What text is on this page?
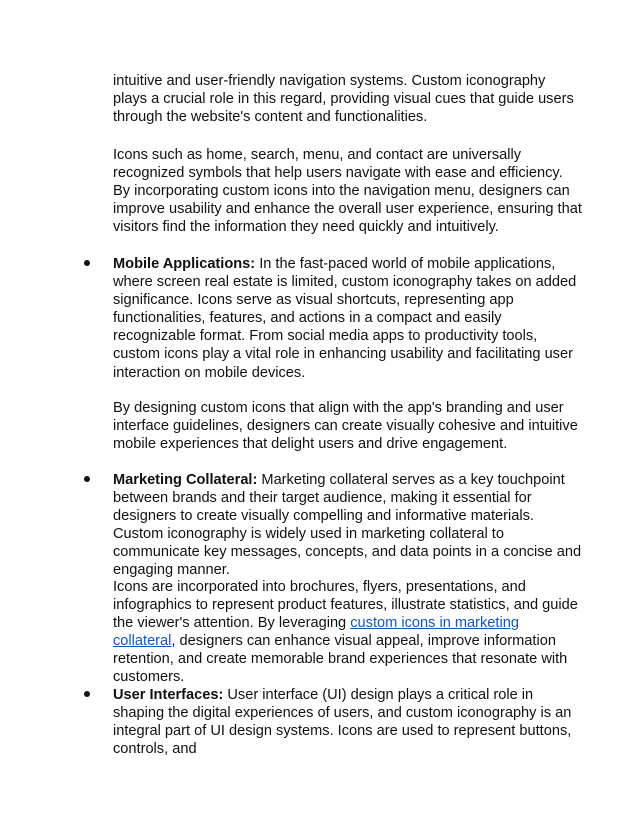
intuitive and user-friendly navigation systems. Custom iconography plays a crucial role in this regard, providing visual cues that guide users through the website's content and functionalities.

Icons such as home, search, menu, and contact are universally recognized symbols that help users navigate with ease and efficiency. By incorporating custom icons into the navigation menu, designers can improve usability and enhance the overall user experience, ensuring that visitors find the information they need quickly and intuitively.

Mobile Applications: In the fast-paced world of mobile applications, where screen real estate is limited, custom iconography takes on added significance. Icons serve as visual shortcuts, representing app functionalities, features, and actions in a compact and easily recognizable format. From social media apps to productivity tools, custom icons play a vital role in enhancing usability and facilitating user interaction on mobile devices.

By designing custom icons that align with the app's branding and user interface guidelines, designers can create visually cohesive and intuitive mobile experiences that delight users and drive engagement.

Marketing Collateral: Marketing collateral serves as a key touchpoint between brands and their target audience, making it essential for designers to create visually compelling and informative materials. Custom iconography is widely used in marketing collateral to communicate key messages, concepts, and data points in a concise and engaging manner.

Icons are incorporated into brochures, flyers, presentations, and infographics to represent product features, illustrate statistics, and guide the viewer's attention. By leveraging custom icons in marketing collateral, designers can enhance visual appeal, improve information retention, and create memorable brand experiences that resonate with customers.

User Interfaces: User interface (UI) design plays a critical role in shaping the digital experiences of users, and custom iconography is an integral part of UI design systems. Icons are used to represent buttons, controls, and
